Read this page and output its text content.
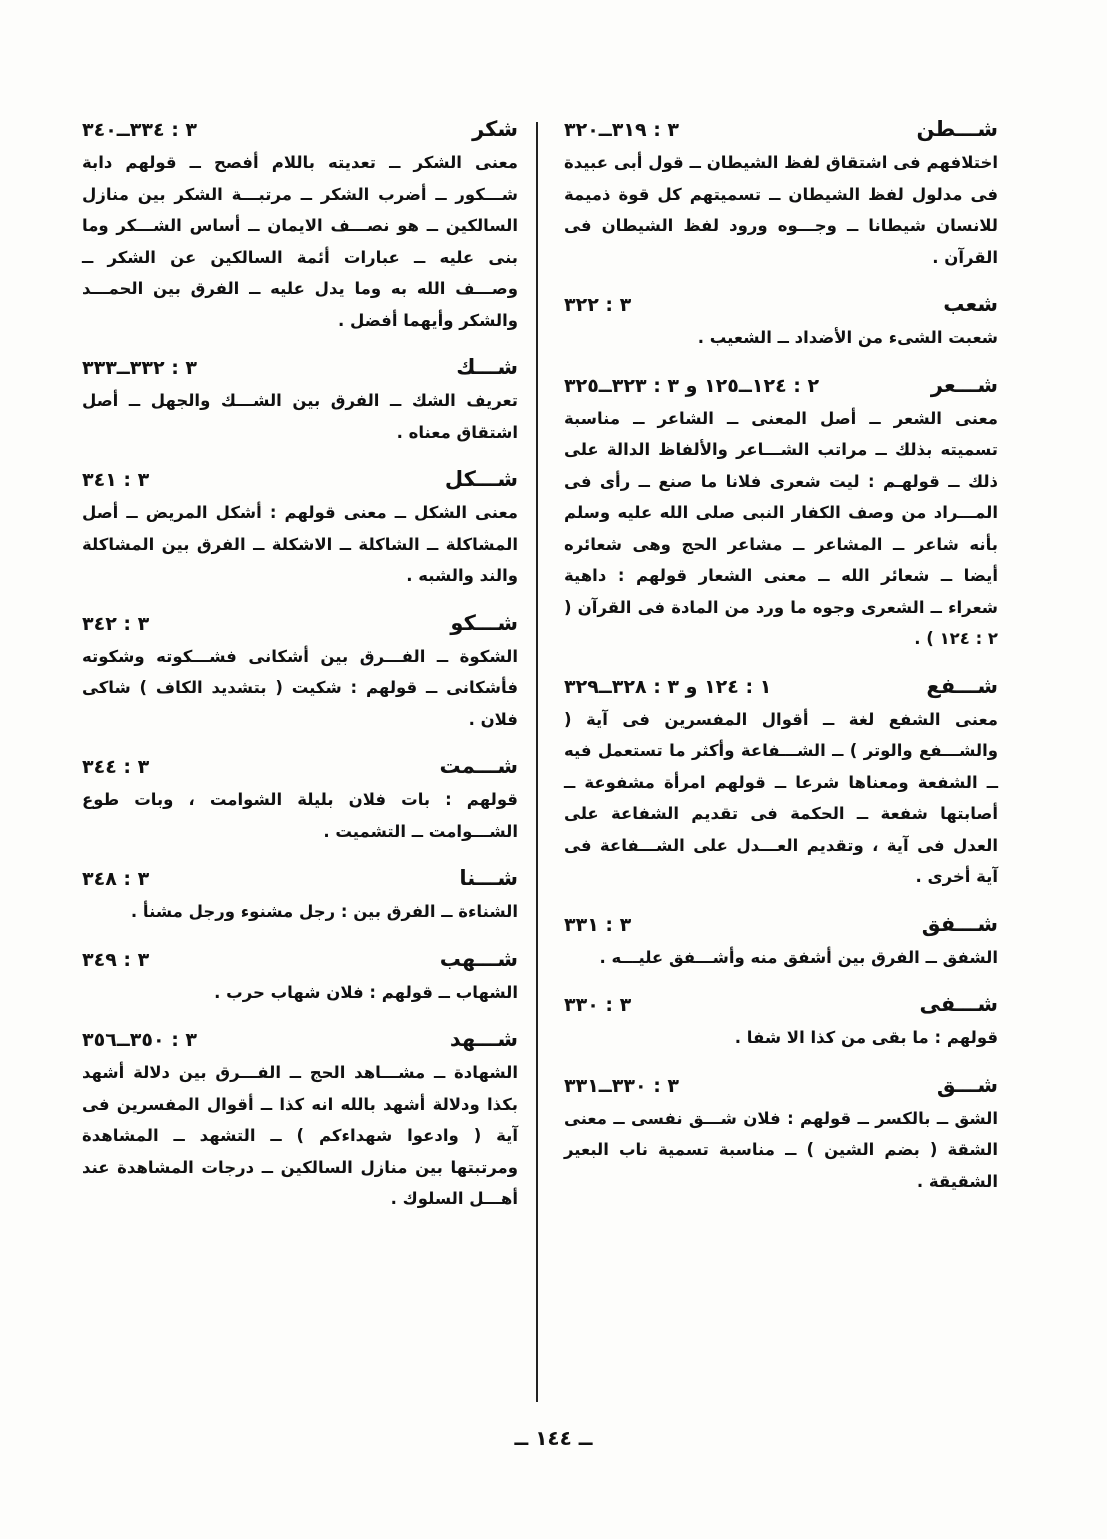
شـــطن
٣ : ٣١٩ــ٣٢٠
اختلافهم فى اشتقاق لفظ الشيطان ــ قول أبى عبيدة فى مدلول لفظ الشيطان ــ تسميتهم كل قوة ذميمة للانسان شيطانا ــ وجـــوه ورود لفظ الشيطان فى القرآن .
شعب
٣ : ٣٢٢
شعبت الشىء من الأضداد ــ الشعيب .
شـــعر
٢ : ١٢٤ــ١٢٥ و ٣ : ٣٢٣ــ٣٢٥
معنى الشعر ــ أصل المعنى ــ الشاعر ــ مناسبة تسميته بذلك ــ مراتب الشـــاعر والألفاظ الدالة على ذلك ــ قولهـم : ليت شعرى فلانا ما صنع ــ رأى فى المـــراد من وصف الكفار النبى صلى الله عليه وسلم بأنه شاعر ــ المشاعر ــ مشاعر الحج وهى شعائره أيضا ــ شعائر الله ــ معنى الشعار قولهم : داهية شعراء ــ الشعرى وجوه ما ورد من المادة فى القرآن ( ٢ : ١٢٤ ) .
شـــفع
١ : ١٢٤ و ٣ : ٣٢٨ــ٣٢٩
معنى الشفع لغة ــ أقوال المفسرين فى آية ( والشـــفع والوتر ) ــ الشـــفاعة وأكثر ما تستعمل فيه ــ الشفعة ومعناها شرعا ــ قولهم امرأة مشفوعة ــ أصابتها شفعة ــ الحكمة فى تقديم الشفاعة على العدل فى آية ، وتقديم العـــدل على الشـــفاعة فى آية أخرى .
شـــفق
٣ : ٣٣١
الشفق ــ الفرق بين أشفق منه وأشـــفق عليـــه .
شـــفى
٣ : ٣٣٠
قولهم : ما بقى من كذا الا شفا .
شـــق
٣ : ٣٣٠ــ٣٣١
الشق ــ بالكسر ــ قولهم : فلان شـــق نفسى ــ معنى الشقة ( بضم الشين ) ــ مناسبة تسمية ناب البعير الشقيقة .
شكر
٣ : ٣٣٤ــ٣٤٠
معنى الشكر ــ تعديته باللام أفصح ــ قولهم دابة شـــكور ــ أضرب الشكر ــ مرتبـــة الشكر بين منازل السالكين ــ هو نصـــف الايمان ــ أساس الشـــكر وما بنى عليه ــ عبارات أئمة السالكين عن الشكر ــ وصـــف الله به وما يدل عليه ــ الفرق بين الحمـــد والشكر وأيهما أفضل .
شـــك
٣ : ٣٣٢ــ٣٣٣
تعريف الشك ــ الفرق بين الشـــك والجهل ــ أصل اشتقاق معناه .
شـــكل
٣ : ٣٤١
معنى الشكل ــ معنى قولهم : أشكل المريض ــ أصل المشاكلة ــ الشاكلة ــ الاشكلة ــ الفرق بين المشاكلة والند والشبه .
شـــكو
٣ : ٣٤٢
الشكوة ــ الفـــرق بين أشكانى فشـــكوته وشكوته فأشكانى ــ قولهم : شكيت ( بتشديد الكاف ) شاكى فلان .
شـــمت
٣ : ٣٤٤
قولهم : بات فلان بليلة الشوامت ، وبات طوع الشـــوامت ــ التشميت .
شـــنا
٣ : ٣٤٨
الشناءة ــ الفرق بين : رجل مشنوء ورجل مشنأ .
شـــهب
٣ : ٣٤٩
الشهاب ــ قولهم : فلان شهاب حرب .
شـــهد
٣ : ٣٥٠ــ٣٥٦
الشهادة ــ مشـــاهد الحج ــ الفـــرق بين دلالة أشهد بكذا ودلالة أشهد بالله انه كذا ــ أقوال المفسرين فى آية ( وادعوا شهداءكم ) ــ التشهد ــ المشاهدة ومرتبتها بين منازل السالكين ــ درجات المشاهدة عند أهـــل السلوك .
ــ ١٤٤ ــ
